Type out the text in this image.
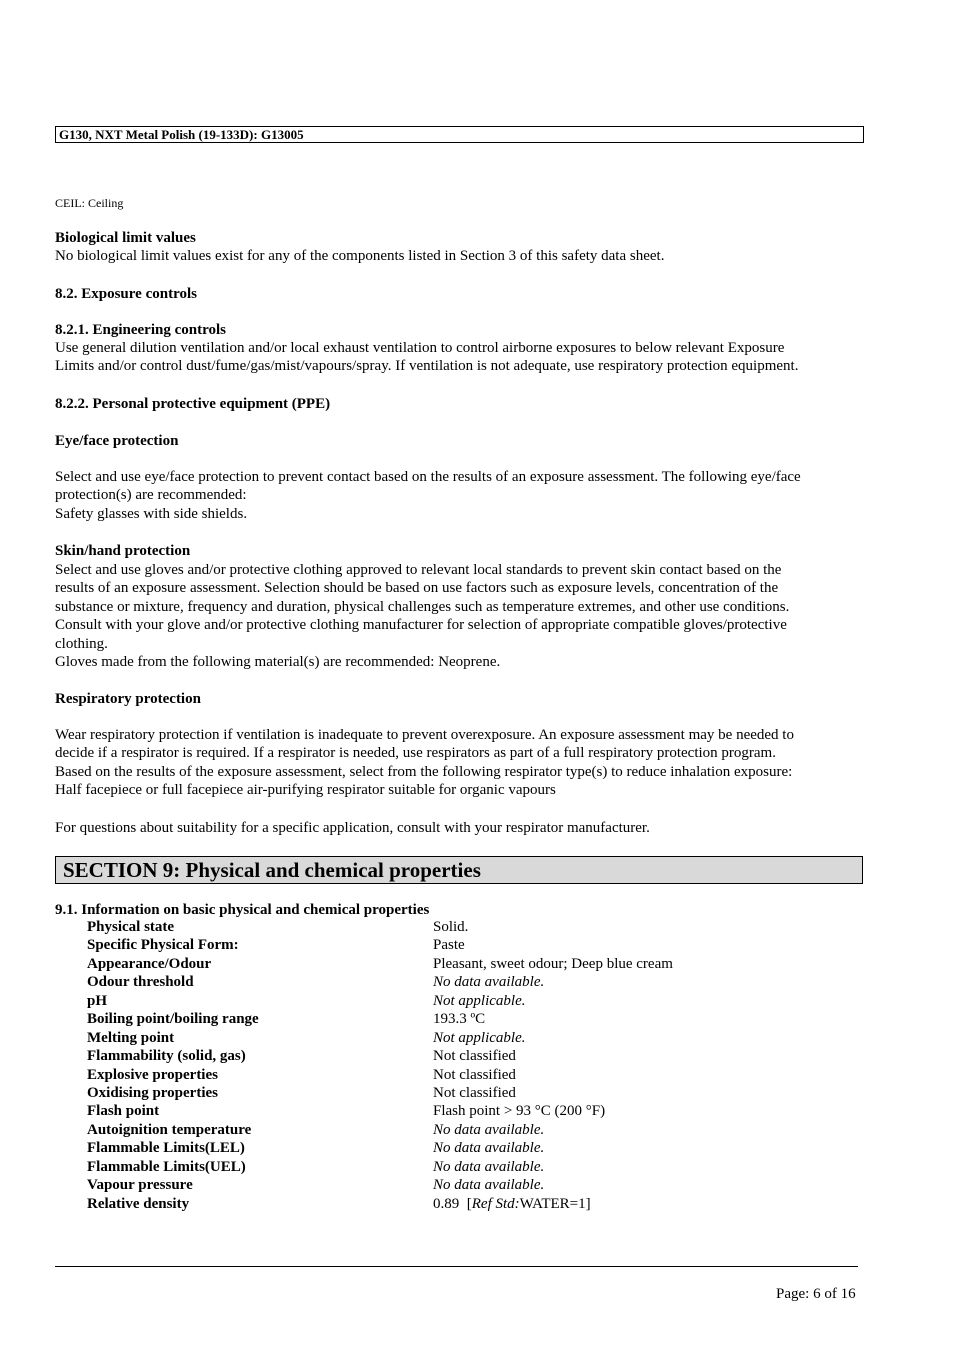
G130, NXT Metal Polish (19-133D): G13005
CEIL: Ceiling
Biological limit values
No biological limit values exist for any of the components listed in Section 3 of this safety data sheet.
8.2. Exposure controls
8.2.1. Engineering controls
Use general dilution ventilation and/or local exhaust ventilation to control airborne exposures to below relevant Exposure
Limits and/or control dust/fume/gas/mist/vapours/spray. If ventilation is not adequate, use respiratory protection equipment.
8.2.2. Personal protective equipment (PPE)
Eye/face protection
Select and use eye/face protection to prevent contact based on the results of an exposure assessment. The following eye/face
protection(s) are recommended:
Safety glasses with side shields.
Skin/hand protection
Select and use gloves and/or protective clothing approved to relevant local standards to prevent skin contact based on the
results of an exposure assessment. Selection should be based on use factors such as exposure levels, concentration of the
substance or mixture, frequency and duration, physical challenges such as temperature extremes, and other use conditions.
Consult with your glove and/or protective clothing manufacturer for selection of appropriate compatible gloves/protective
clothing.
Gloves made from the following material(s) are recommended: Neoprene.
Respiratory protection
Wear respiratory protection if ventilation is inadequate to prevent overexposure. An exposure assessment may be needed to
decide if a respirator is required. If a respirator is needed, use respirators as part of a full respiratory protection program.
Based on the results of the exposure assessment, select from the following respirator type(s) to reduce inhalation exposure:
Half facepiece or full facepiece air-purifying respirator suitable for organic vapours
For questions about suitability for a specific application, consult with your respirator manufacturer.
SECTION 9: Physical and chemical properties
9.1. Information on basic physical and chemical properties
Physical state	Solid.
Specific Physical Form:	Paste
Appearance/Odour	Pleasant, sweet odour; Deep blue cream
Odour threshold	No data available.
pH	Not applicable.
Boiling point/boiling range	193.3 ºC
Melting point	Not applicable.
Flammability (solid, gas)	Not classified
Explosive properties	Not classified
Oxidising properties	Not classified
Flash point	Flash point > 93 °C (200 °F)
Autoignition temperature	No data available.
Flammable Limits(LEL)	No data available.
Flammable Limits(UEL)	No data available.
Vapour pressure	No data available.
Relative density	0.89 [Ref Std:WATER=1]
Page: 6 of 16
